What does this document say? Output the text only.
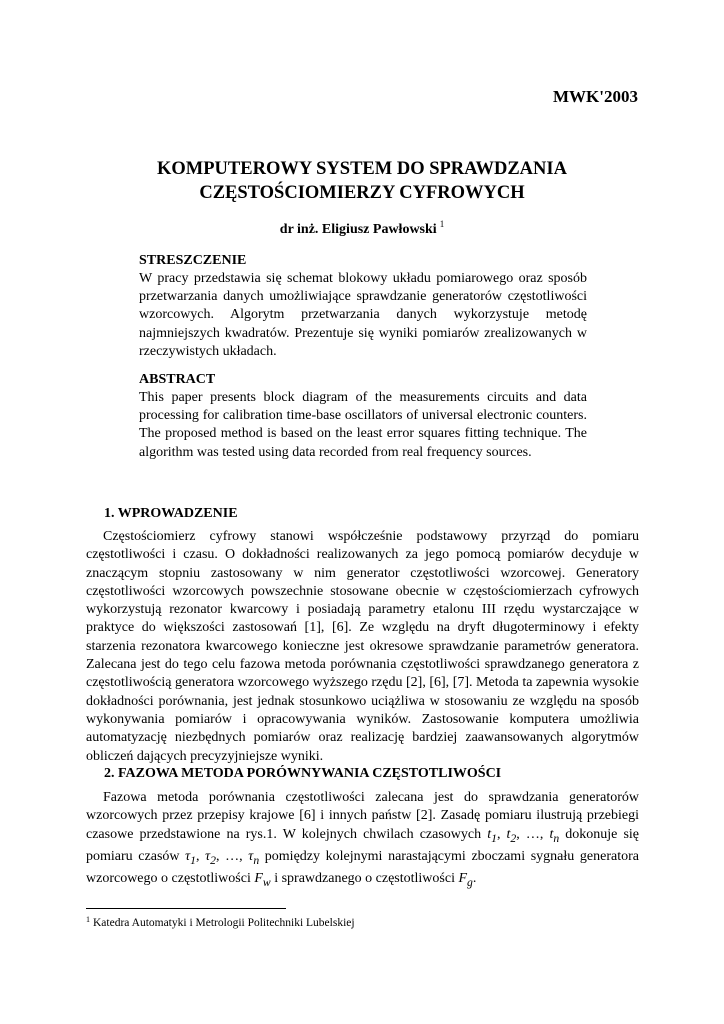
MWK'2003
KOMPUTEROWY SYSTEM DO SPRAWDZANIA
CZĘSTOŚCIOMIERZY CYFROWYCH
dr inż. Eligiusz Pawłowski $^1$
STRESZCZENIE
W pracy przedstawia się schemat blokowy układu pomiarowego oraz sposób przetwarzania danych umożliwiające sprawdzanie generatorów częstotliwości wzorcowych. Algorytm przetwarzania danych wykorzystuje metodę najmniejszych kwadratów. Prezentuje się wyniki pomiarów zrealizowanych w rzeczywistych układach.
ABSTRACT
This paper presents block diagram of the measurements circuits and data processing for calibration time-base oscillators of universal electronic counters. The proposed method is based on the least error squares fitting technique. The algorithm was tested using data recorded from real frequency sources.
1. WPROWADZENIE

Częstościomierz cyfrowy stanowi współcześnie podstawowy przyrząd do pomiaru częstotliwości i czasu. O dokładności realizowanych za jego pomocą pomiarów decyduje w znaczącym stopniu zastosowany w nim generator częstotliwości wzorcowej. Generatory częstotliwości wzorcowych powszechnie stosowane obecnie w częstościomierzach cyfrowych wykorzystują rezonator kwarcowy i posiadają parametry etalonu III rzędu wystarczające w praktyce do większości zastosowań [1], [6]. Ze względu na dryft długoterminowy i efekty starzenia rezonatora kwarcowego konieczne jest okresowe sprawdzanie parametrów generatora. Zalecana jest do tego celu fazowa metoda porównania częstotliwości sprawdzanego generatora z częstotliwością generatora wzorcowego wyższego rzędu [2], [6], [7]. Metoda ta zapewnia wysokie dokładności porównania, jest jednak stosunkowo uciążliwa w stosowaniu ze względu na sposób wykonywania pomiarów i opracowywania wyników. Zastosowanie komputera umożliwia automatyzację niezbędnych pomiarów oraz realizację bardziej zaawansowanych algorytmów obliczeń dających precyzyjniejsze wyniki.

2. FAZOWA METODA PORÓWNYWANIA CZĘSTOTLIWOŚCI

Fazowa metoda porównania częstotliwości zalecana jest do sprawdzania generatorów wzorcowych przez przepisy krajowe [6] i innych państw [2]. Zasadę pomiaru ilustrują przebiegi czasowe przedstawione na rys.1. W kolejnych chwilach czasowych $t_1$, $t_2$, …, $t_n$ dokonuje się pomiaru czasów $\tau_1$, $\tau_2$, …, $\tau_n$ pomiędzy kolejnymi narastającymi zboczami sygnału generatora wzorcowego o częstotliwości $F_w$ i sprawdzanego o częstotliwości $F_g$.

$^1$ Katedra Automatyki i Metrologii Politechniki Lubelskiej
